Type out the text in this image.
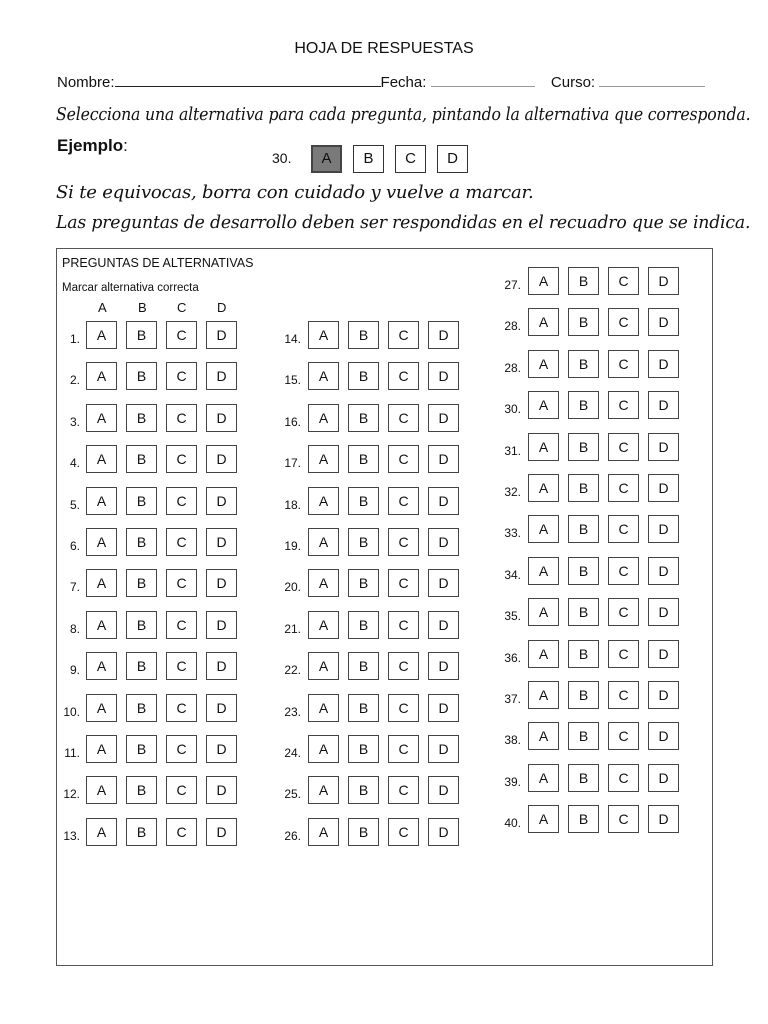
HOJA DE RESPUESTAS
Nombre:	Fecha:	Curso:
Selecciona una alternativa para cada pregunta, pintando la alternativa que corresponda.
Ejemplo:
30.	A	B	C	D
Si te equivocas, borra con cuidado y vuelve a marcar.
Las preguntas de desarrollo deben ser respondidas en el recuadro que se indica.
PREGUNTAS DE ALTERNATIVAS
Marcar alternativa correcta
A B C D
1.	A	B	C	D
2.	A	B	C	D
3.	A	B	C	D
4.	A	B	C	D
5.	A	B	C	D
6.	A	B	C	D
7.	A	B	C	D
8.	A	B	C	D
9.	A	B	C	D
10.	A	B	C	D
11.	A	B	C	D
12.	A	B	C	D
13.	A	B	C	D
14.	A	B	C	D
15.	A	B	C	D
16.	A	B	C	D
17.	A	B	C	D
18.	A	B	C	D
19.	A	B	C	D
20.	A	B	C	D
21.	A	B	C	D
22.	A	B	C	D
23.	A	B	C	D
24.	A	B	C	D
25.	A	B	C	D
26.	A	B	C	D
27.	A	B	C	D
28.	A	B	C	D
28.	A	B	C	D
30.	A	B	C	D
31.	A	B	C	D
32.	A	B	C	D
33.	A	B	C	D
34.	A	B	C	D
35.	A	B	C	D
36.	A	B	C	D
37.	A	B	C	D
38.	A	B	C	D
39.	A	B	C	D
40.	A	B	C	D
